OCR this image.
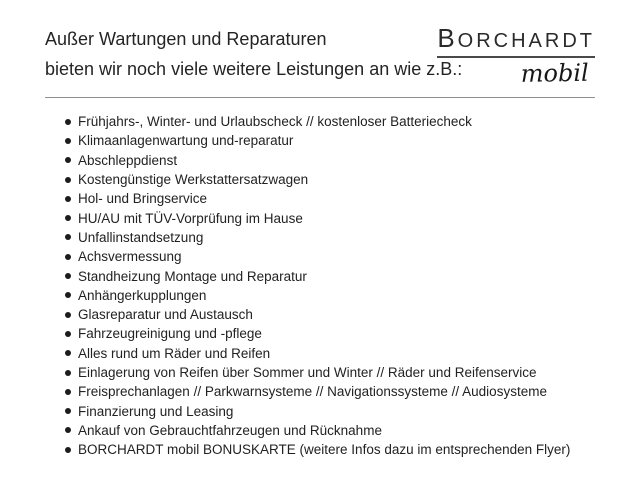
Außer Wartungen und Reparaturen
bieten wir noch viele weitere Leistungen an wie z.B.:
BORCHARDT
mobil
Frühjahrs-, Winter- und Urlaubscheck // kostenloser Batteriecheck
Klimaanlagenwartung und-reparatur
Abschleppdienst
Kostengünstige Werkstattersatzwagen
Hol- und Bringservice
HU/AU mit TÜV-Vorprüfung im Hause
Unfallinstandsetzung
Achsvermessung
Standheizung Montage und Reparatur
Anhängerkupplungen
Glasreparatur und Austausch
Fahrzeugreinigung und -pflege
Alles rund um Räder und Reifen
Einlagerung von Reifen über Sommer und Winter // Räder und Reifenservice
Freisprechanlagen // Parkwarnsysteme // Navigationssysteme // Audiosysteme
Finanzierung und Leasing
Ankauf von Gebrauchtfahrzeugen und Rücknahme
BORCHARDT mobil BONUSKARTE (weitere Infos dazu im entsprechenden Flyer)
